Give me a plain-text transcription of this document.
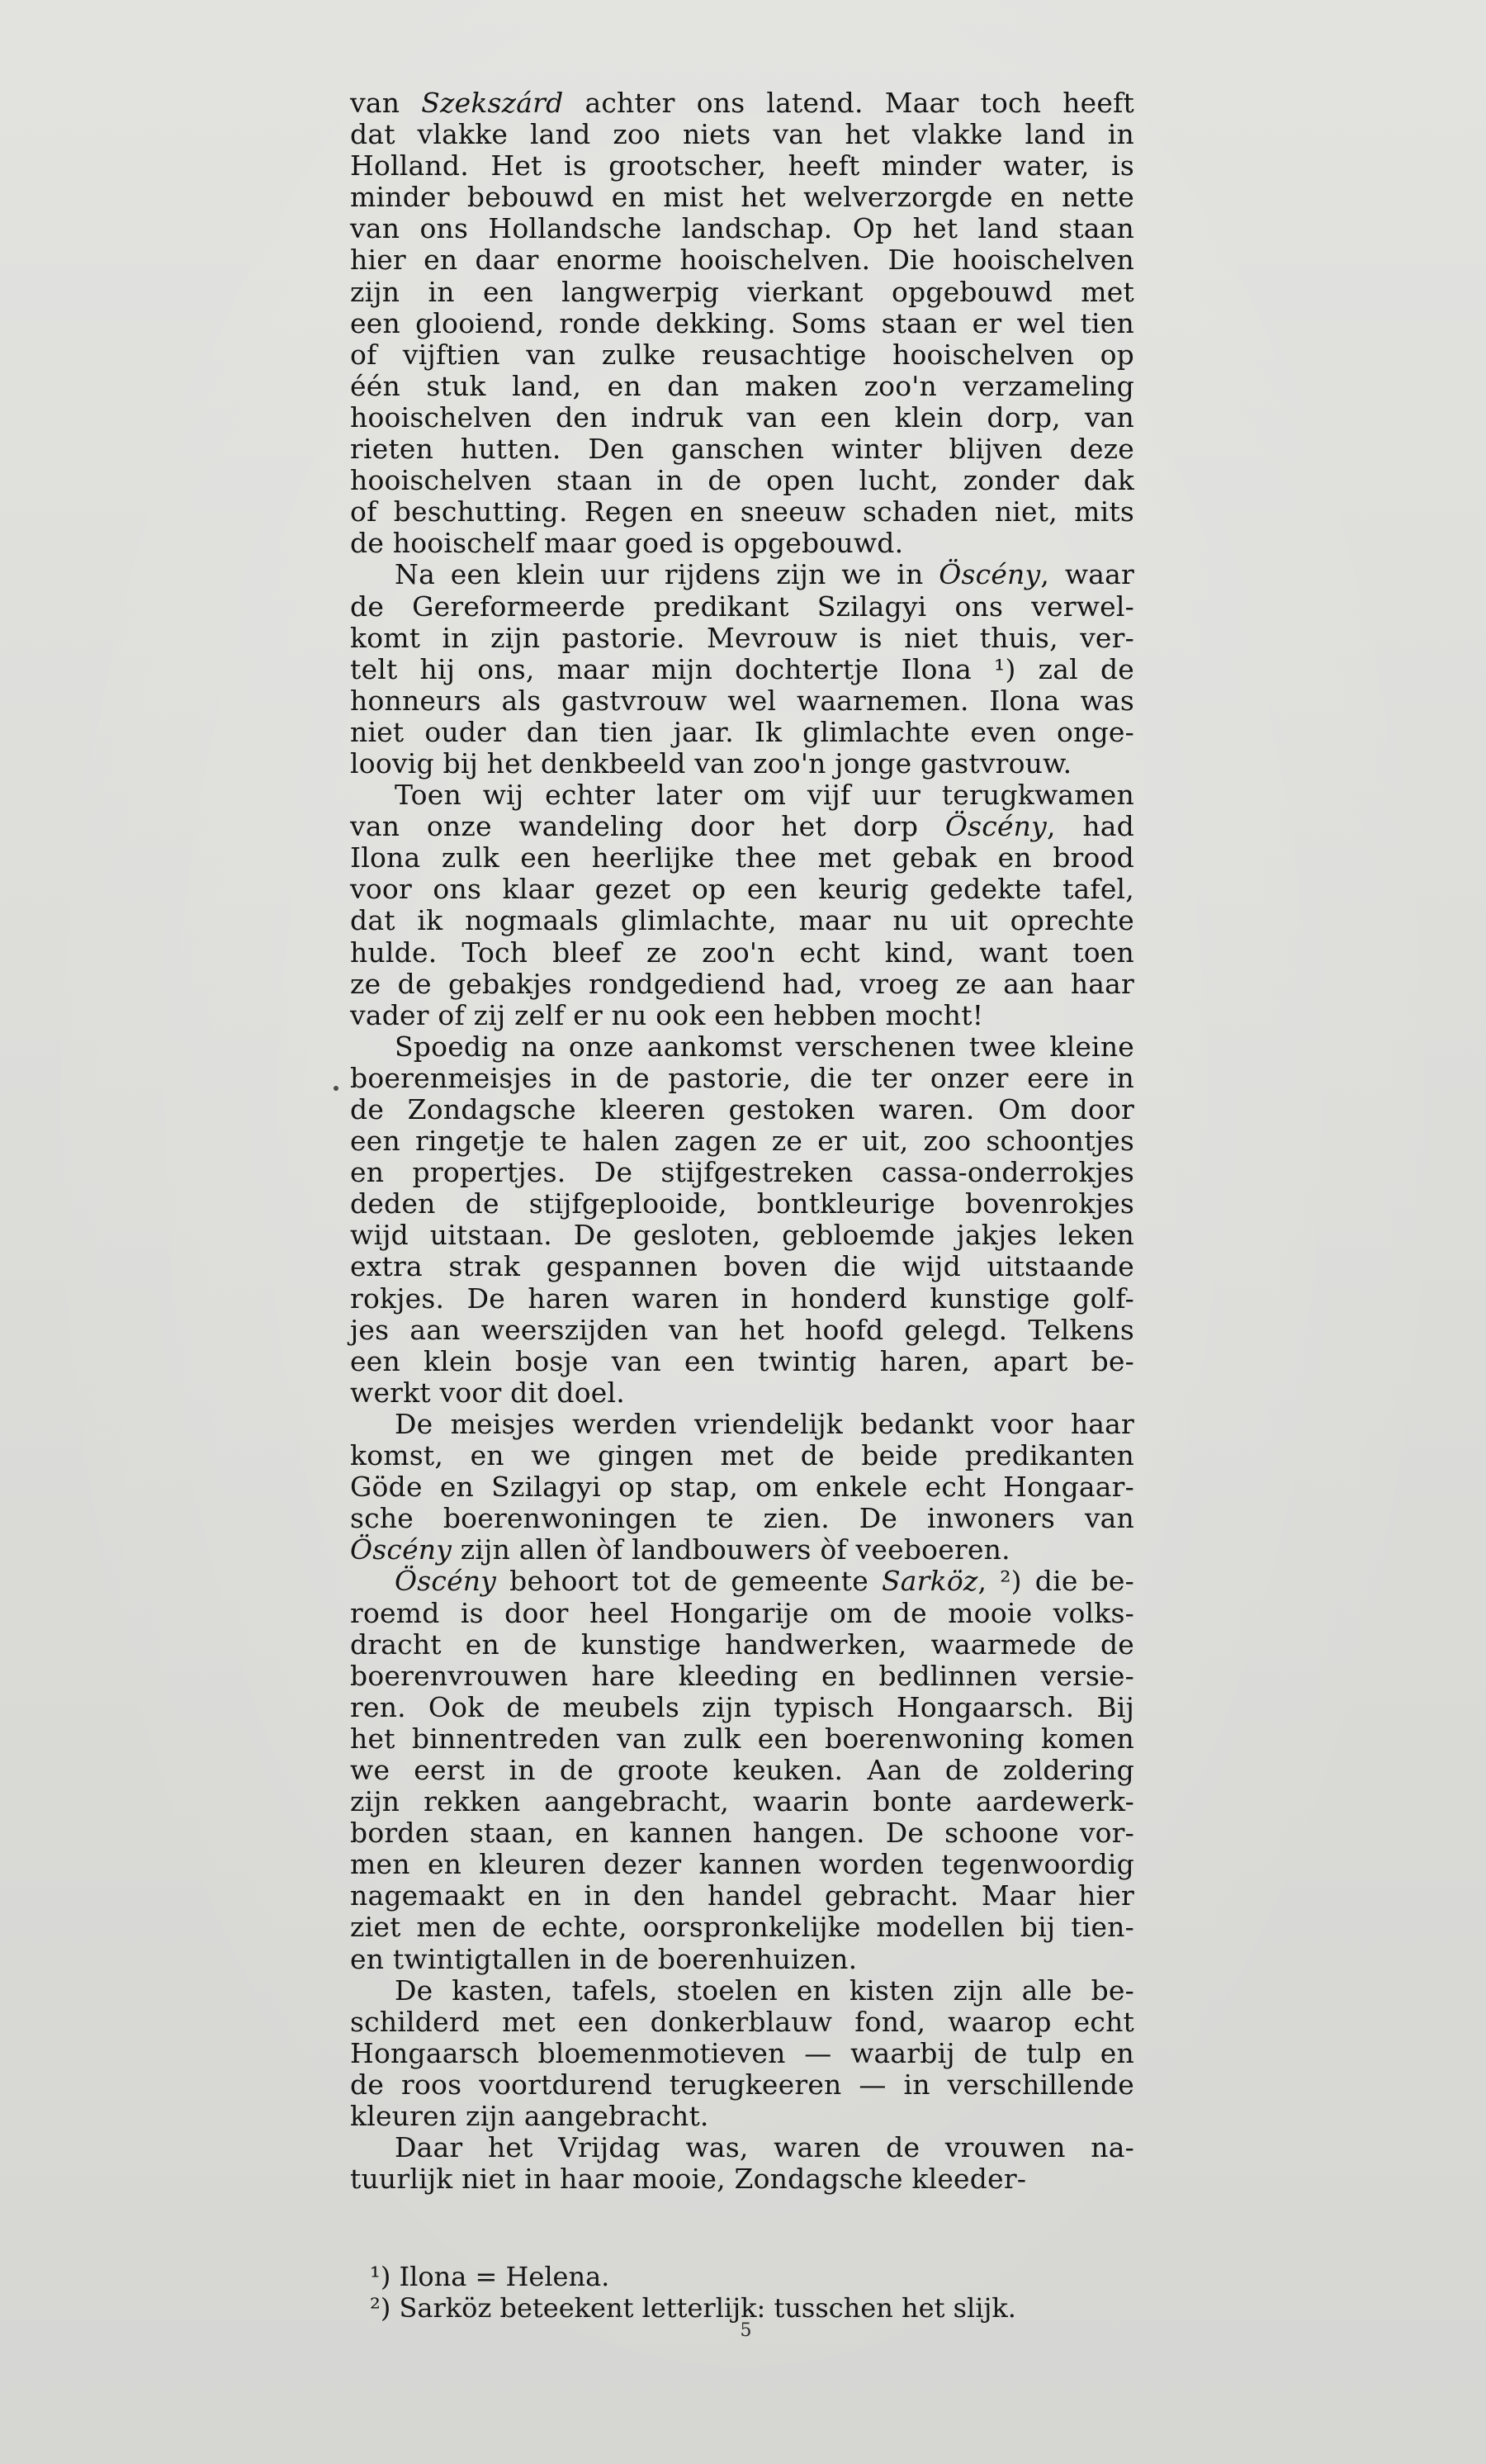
van Szekszárd achter ons latend. Maar toch heeft
dat vlakke land zoo niets van het vlakke land in
Holland. Het is grootscher, heeft minder water, is
minder bebouwd en mist het welverzorgde en nette
van ons Hollandsche landschap. Op het land staan
hier en daar enorme hooischelven. Die hooischelven
zijn in een langwerpig vierkant opgebouwd met
een glooiend, ronde dekking. Soms staan er wel tien
of vijftien van zulke reusachtige hooischelven op
één stuk land, en dan maken zoo'n verzameling
hooischelven den indruk van een klein dorp, van
rieten hutten. Den ganschen winter blijven deze
hooischelven staan in de open lucht, zonder dak
of beschutting. Regen en sneeuw schaden niet, mits
de hooischelf maar goed is opgebouwd.
Na een klein uur rijdens zijn we in Öscény, waar
de Gereformeerde predikant Szilagyi ons verwel-
komt in zijn pastorie. Mevrouw is niet thuis, ver-
telt hij ons, maar mijn dochtertje Ilona ¹) zal de
honneurs als gastvrouw wel waarnemen. Ilona was
niet ouder dan tien jaar. Ik glimlachte even onge-
loovig bij het denkbeeld van zoo'n jonge gastvrouw.
Toen wij echter later om vijf uur terugkwamen
van onze wandeling door het dorp Öscény, had
Ilona zulk een heerlijke thee met gebak en brood
voor ons klaar gezet op een keurig gedekte tafel,
dat ik nogmaals glimlachte, maar nu uit oprechte
hulde. Toch bleef ze zoo'n echt kind, want toen
ze de gebakjes rondgediend had, vroeg ze aan haar
vader of zij zelf er nu ook een hebben mocht!
Spoedig na onze aankomst verschenen twee kleine
boerenmeisjes in de pastorie, die ter onzer eere in
de Zondagsche kleeren gestoken waren. Om door
een ringetje te halen zagen ze er uit, zoo schoontjes
en propertjes. De stijfgestreken cassa-onderrokjes
deden de stijfgeplooide, bontkleurige bovenrokjes
wijd uitstaan. De gesloten, gebloemde jakjes leken
extra strak gespannen boven die wijd uitstaande
rokjes. De haren waren in honderd kunstige golf-
jes aan weerszijden van het hoofd gelegd. Telkens
een klein bosje van een twintig haren, apart be-
werkt voor dit doel.
De meisjes werden vriendelijk bedankt voor haar
komst, en we gingen met de beide predikanten
Göde en Szilagyi op stap, om enkele echt Hongaar-
sche boerenwoningen te zien. De inwoners van
Öscény zijn allen òf landbouwers òf veeboeren.
Öscény behoort tot de gemeente Sarköz, ²) die be-
roemd is door heel Hongarije om de mooie volks-
dracht en de kunstige handwerken, waarmede de
boerenvrouwen hare kleeding en bedlinnen versie-
ren. Ook de meubels zijn typisch Hongaarsch. Bij
het binnentreden van zulk een boerenwoning komen
we eerst in de groote keuken. Aan de zoldering
zijn rekken aangebracht, waarin bonte aardewerk-
borden staan, en kannen hangen. De schoone vor-
men en kleuren dezer kannen worden tegenwoordig
nagemaakt en in den handel gebracht. Maar hier
ziet men de echte, oorspronkelijke modellen bij tien-
en twintigtallen in de boerenhuizen.
De kasten, tafels, stoelen en kisten zijn alle be-
schilderd met een donkerblauw fond, waarop echt
Hongaarsch bloemenmotieven — waarbij de tulp en
de roos voortdurend terugkeeren — in verschillende
kleuren zijn aangebracht.
Daar het Vrijdag was, waren de vrouwen na-
tuurlijk niet in haar mooie, Zondagsche kleeder-
¹) Ilona = Helena.
²) Sarköz beteekent letterlijk: tusschen het slijk.
5
